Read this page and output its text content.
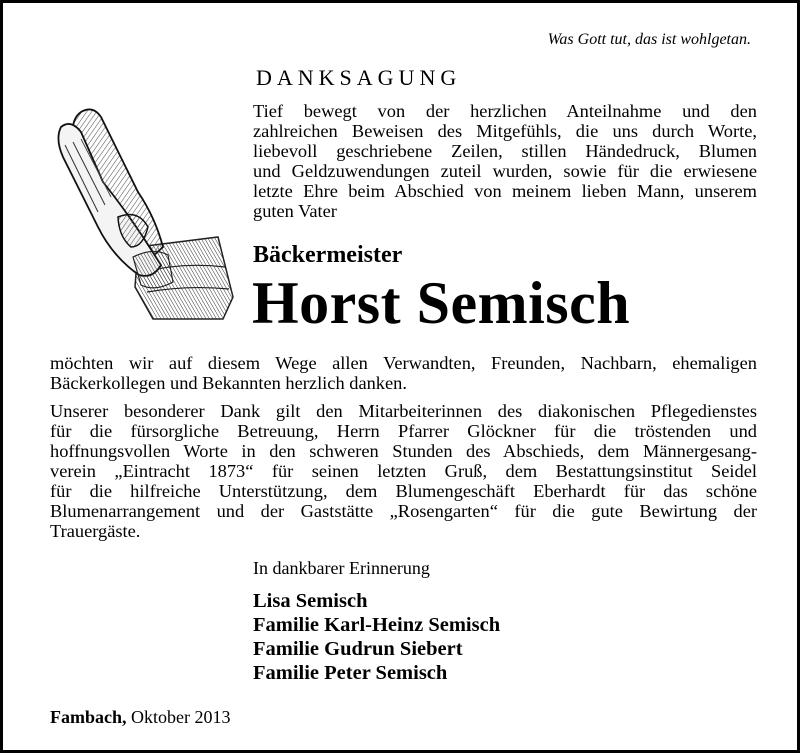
Was Gott tut, das ist wohlgetan.

DANKSAGUNG

Tief bewegt von der herzlichen Anteilnahme und den
zahlreichen Beweisen des Mitgefühls, die uns durch Worte,
liebevoll geschriebene Zeilen, stillen Händedruck, Blumen
und Geldzuwendungen zuteil wurden, sowie für die erwiesene
letzte Ehre beim Abschied von meinem lieben Mann, unserem
guten Vater

Bäckermeister

Horst Semisch

möchten wir auf diesem Wege allen Verwandten, Freunden, Nachbarn, ehemaligen
Bäckerkollegen und Bekannten herzlich danken.
Unserer besonderer Dank gilt den Mitarbeiterinnen des diakonischen Pflegedienstes
für die fürsorgliche Betreuung, Herrn Pfarrer Glöckner für die tröstenden und
hoffnungsvollen Worte in den schweren Stunden des Abschieds, dem Männergesang-
verein „Eintracht 1873“ für seinen letzten Gruß, dem Bestattungsinstitut Seidel
für die hilfreiche Unterstützung, dem Blumengeschäft Eberhardt für das schöne
Blumenarrangement und der Gaststätte „Rosengarten“ für die gute Bewirtung der
Trauergäste.

In dankbarer Erinnerung

Lisa Semisch
Familie Karl-Heinz Semisch
Familie Gudrun Siebert
Familie Peter Semisch

Fambach, Oktober 2013
